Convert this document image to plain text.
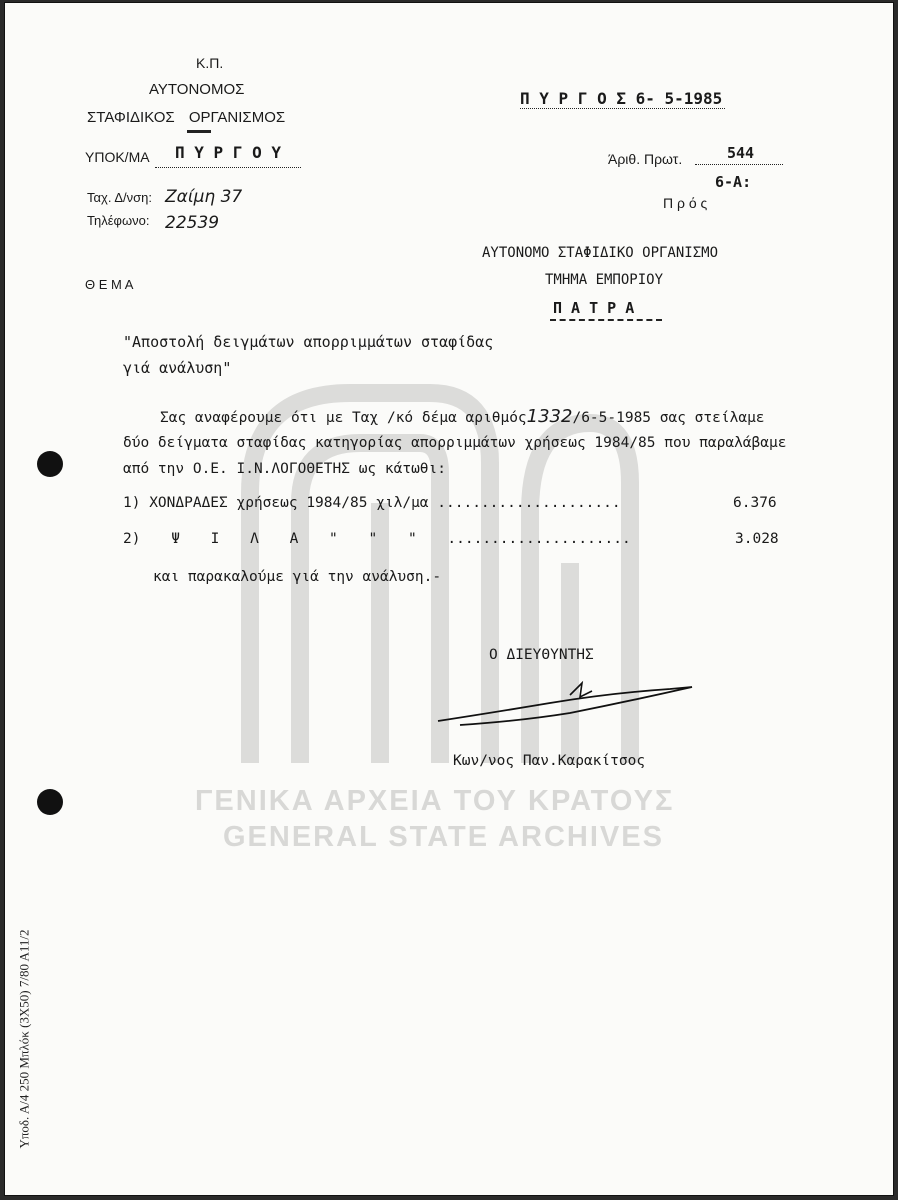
ΓΕΝΙΚΑ ΑΡΧΕΙΑ ΤΟΥ ΚΡΑΤΟΥΣ
GENERAL STATE ARCHIVES
Κ.Π.
ΑΥΤΟΝΟΜΟΣ
ΣΤΑΦΙΔΙΚΟΣ ΟΡΓΑΝΙΣΜΟΣ
ΥΠΟΚ/ΜΑ Π Υ Ρ Γ Ο Υ
Ταχ. Δ/νση: Ζαίμη 37
Τηλέφωνο: 22539
Π Υ Ρ Γ Ο Σ 6- 5-1985
Άριθ. Πρωτ.	544
6-Α:
Π ρ ό ς
ΑΥΤΟΝΟΜΟ ΣΤΑΦΙΔΙΚΟ ΟΡΓΑΝΙΣΜΟ
ΤΜΗΜΑ ΕΜΠΟΡΙΟΥ
Π Α Τ Ρ Α
Θ Ε Μ Α
"Αποστολή δειγμάτων απορριμμάτων σταφίδας
γιά ανάλυση"
Σας αναφέρουμε ότι με Ταχ /κό δέμα αριθμός1332/6-5-1985 σας στείλαμε
δύο δείγματα σταφίδας κατηγορίας απορριμμάτων χρήσεως 1984/85 που παραλάβαμε
από την Ο.Ε. Ι.Ν.ΛΟΓΟΘΕΤΗΣ ως κάτωθι:
1) ΧΟΝΔΡΑΔΕΣ χρήσεως 1984/85 χιλ/μα .....................	6.376
2) Ψ Ι Λ Α " " " .....................	3.028
και παρακαλούμε γιά την ανάλυση.-
Ο ΔΙΕΥΘΥΝΤΗΣ
Κων/νος Παν.Καρακίτσος
Υποδ. Α/4 250 Μπλόκ (3Χ50) 7/80 Α11/2
